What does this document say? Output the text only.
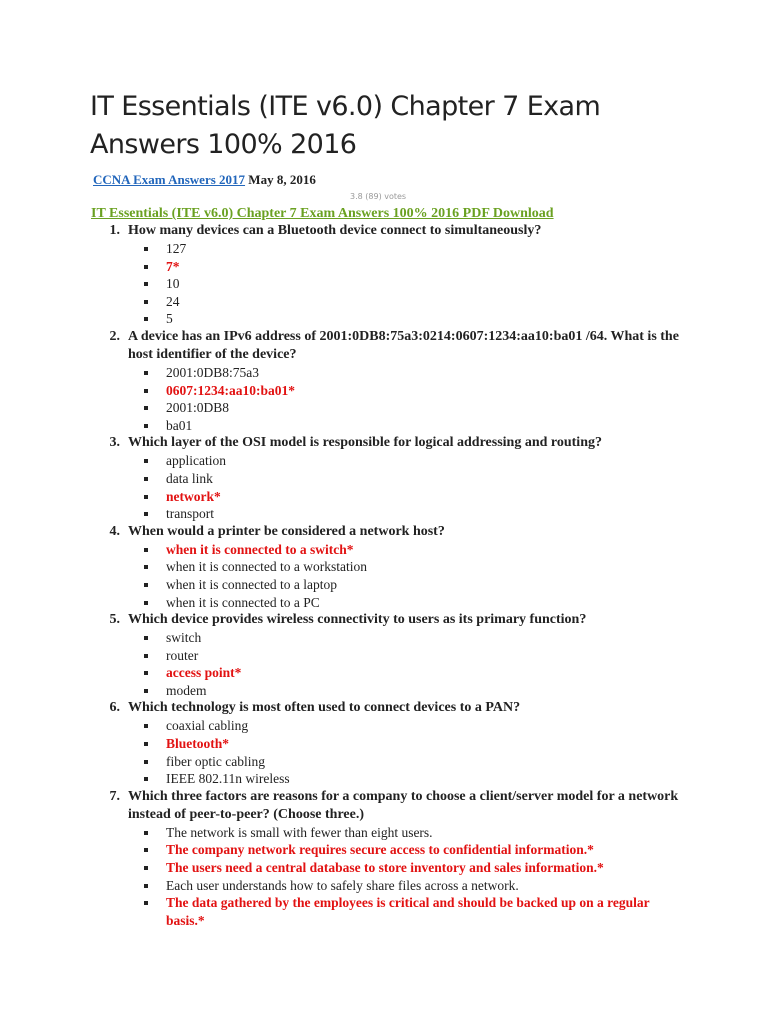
IT Essentials (ITE v6.0) Chapter 7 Exam Answers 100% 2016
CCNA Exam Answers 2017 May 8, 2016
3.8 (89) votes
IT Essentials (ITE v6.0) Chapter 7 Exam Answers 100% 2016 PDF Download
1. How many devices can a Bluetooth device connect to simultaneously?
127
7*
10
24
5
2. A device has an IPv6 address of 2001:0DB8:75a3:0214:0607:1234:aa10:ba01 /64. What is the host identifier of the device?
2001:0DB8:75a3
0607:1234:aa10:ba01*
2001:0DB8
ba01
3. Which layer of the OSI model is responsible for logical addressing and routing?
application
data link
network*
transport
4. When would a printer be considered a network host?
when it is connected to a switch*
when it is connected to a workstation
when it is connected to a laptop
when it is connected to a PC
5. Which device provides wireless connectivity to users as its primary function?
switch
router
access point*
modem
6. Which technology is most often used to connect devices to a PAN?
coaxial cabling
Bluetooth*
fiber optic cabling
IEEE 802.11n wireless
7. Which three factors are reasons for a company to choose a client/server model for a network instead of peer-to-peer? (Choose three.)
The network is small with fewer than eight users.
The company network requires secure access to confidential information.*
The users need a central database to store inventory and sales information.*
Each user understands how to safely share files across a network.
The data gathered by the employees is critical and should be backed up on a regular basis.*
